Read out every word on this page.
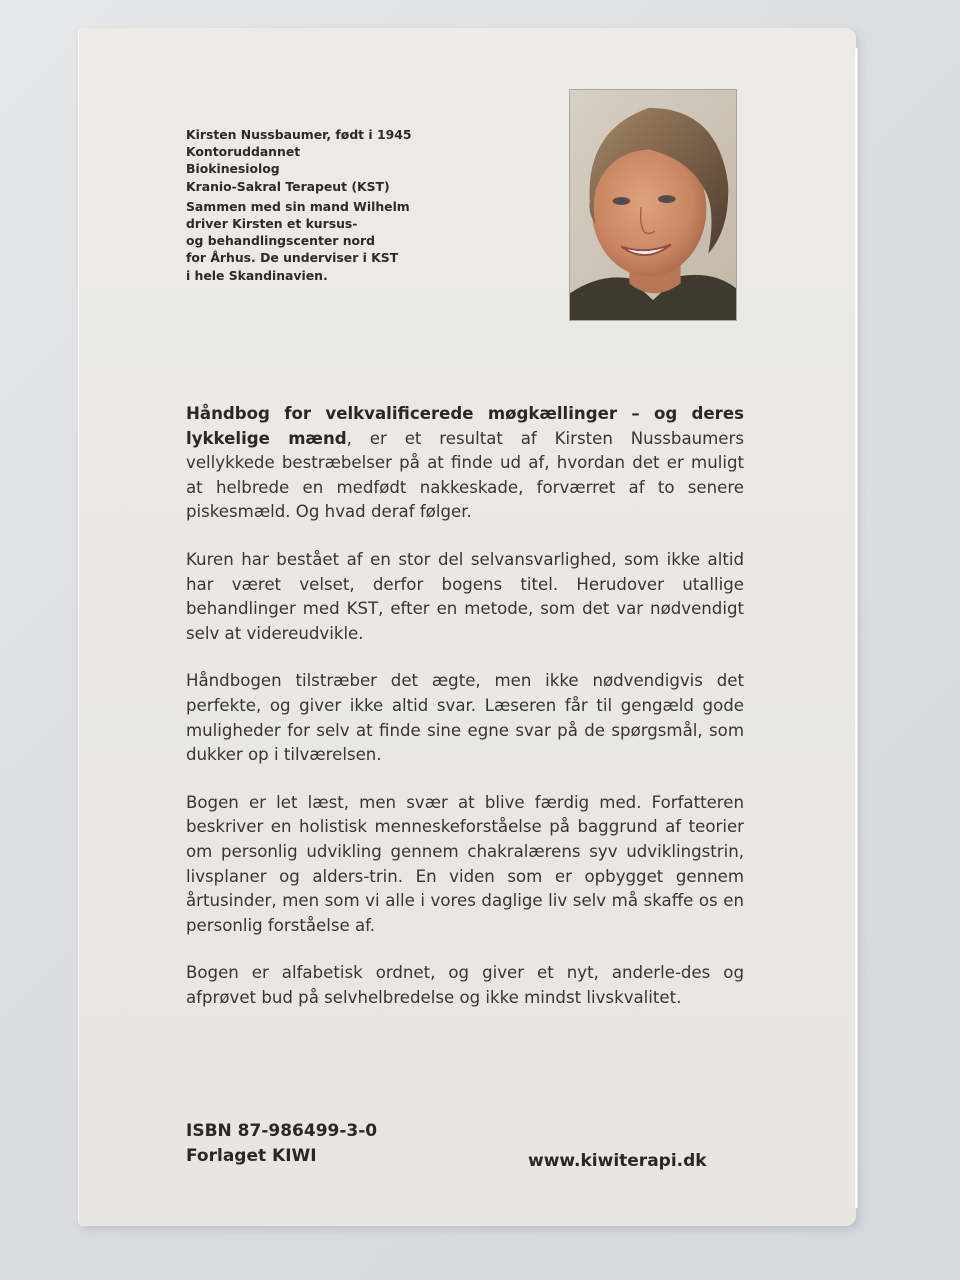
Kirsten Nussbaumer, født i 1945
Kontoruddannet
Biokinesiolog
Kranio-Sakral Terapeut (KST)
Sammen med sin mand Wilhelm
driver Kirsten et kursus-
og behandlingscenter nord
for Århus. De underviser i KST
i hele Skandinavien.

Håndbog for velkvalificerede møgkællinger – og deres lykkelige mænd, er et resultat af Kirsten Nussbaumers vellykkede bestræbelser på at finde ud af, hvordan det er muligt at helbrede en medfødt nakkeskade, forværret af to senere piskesmæld. Og hvad deraf følger.

Kuren har bestået af en stor del selvansvarlighed, som ikke altid har været velset, derfor bogens titel. Herudover utallige behandlinger med KST, efter en metode, som det var nødvendigt selv at videreudvikle.

Håndbogen tilstræber det ægte, men ikke nødvendigvis det perfekte, og giver ikke altid svar. Læseren får til gengæld gode muligheder for selv at finde sine egne svar på de spørgsmål, som dukker op i tilværelsen.

Bogen er let læst, men svær at blive færdig med. Forfatteren beskriver en holistisk menneskeforståelse på baggrund af teorier om personlig udvikling gennem chakralærens syv udviklingstrin, livsplaner og alders-trin. En viden som er opbygget gennem årtusinder, men som vi alle i vores daglige liv selv må skaffe os en personlig forståelse af.

Bogen er alfabetisk ordnet, og giver et nyt, anderle-des og afprøvet bud på selvhelbredelse og ikke mindst livskvalitet.

ISBN 87-986499-3-0
Forlaget KIWI	www.kiwiterapi.dk
